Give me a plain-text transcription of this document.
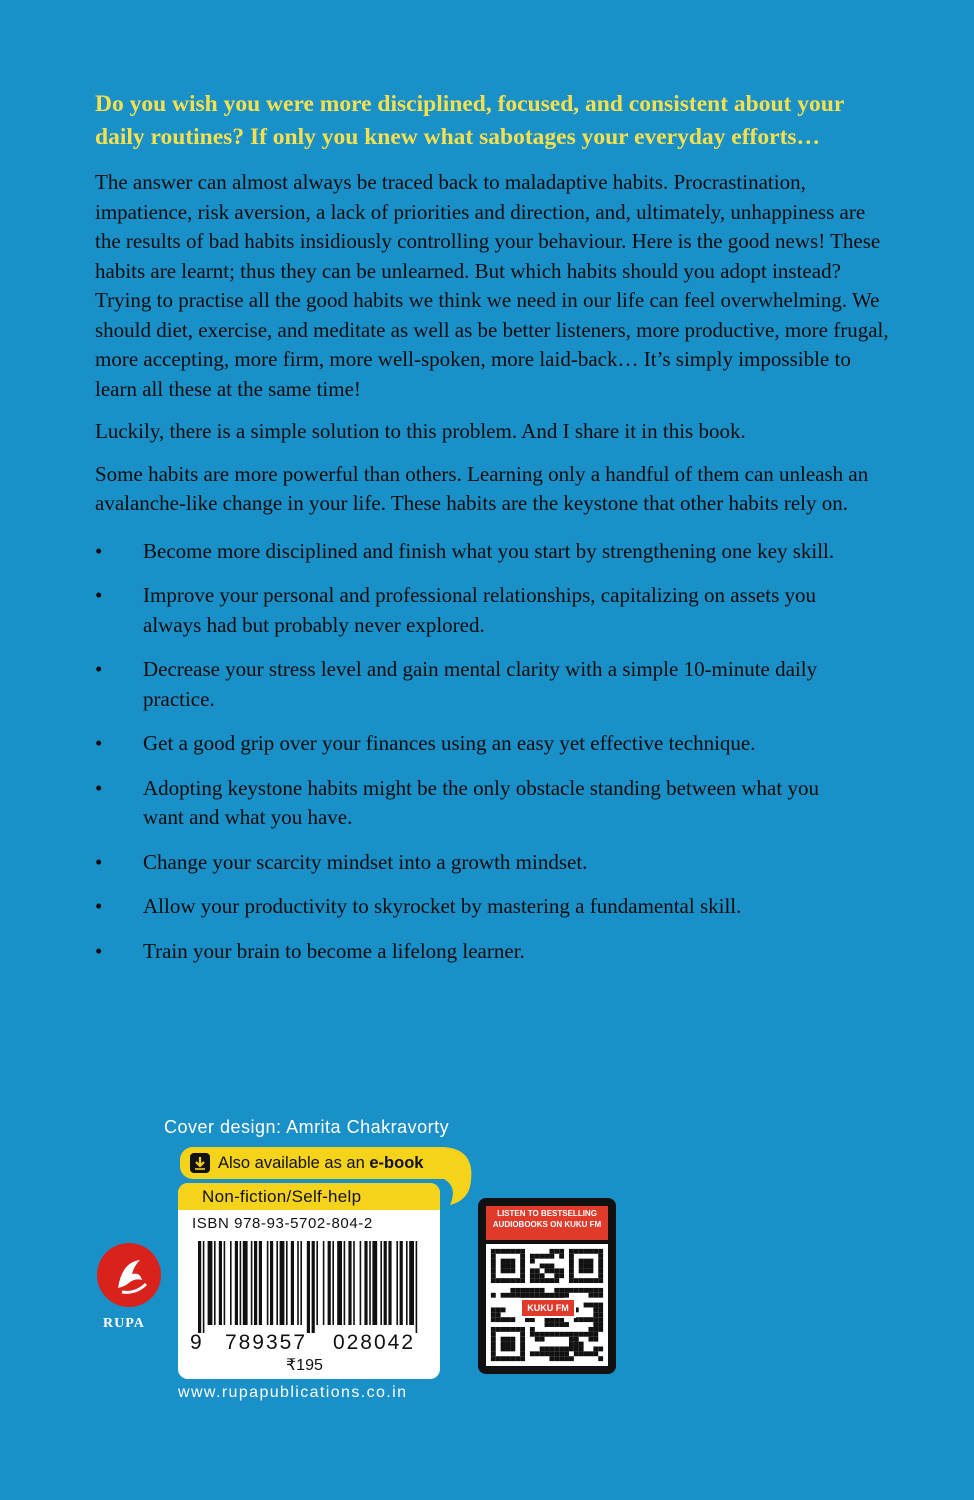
Do you wish you were more disciplined, focused, and consistent about your daily routines? If only you knew what sabotages your everyday efforts…

The answer can almost always be traced back to maladaptive habits. Procrastination, impatience, risk aversion, a lack of priorities and direction, and, ultimately, unhappiness are the results of bad habits insidiously controlling your behaviour. Here is the good news! These habits are learnt; thus they can be unlearned. But which habits should you adopt instead? Trying to practise all the good habits we think we need in our life can feel overwhelming. We should diet, exercise, and meditate as well as be better listeners, more productive, more frugal, more accepting, more firm, more well-spoken, more laid-back… It’s simply impossible to learn all these at the same time!

Luckily, there is a simple solution to this problem. And I share it in this book.

Some habits are more powerful than others. Learning only a handful of them can unleash an avalanche-like change in your life. These habits are the keystone that other habits rely on.

• Become more disciplined and finish what you start by strengthening one key skill.
• Improve your personal and professional relationships, capitalizing on assets you always had but probably never explored.
• Decrease your stress level and gain mental clarity with a simple 10-minute daily practice.
• Get a good grip over your finances using an easy yet effective technique.
• Adopting keystone habits might be the only obstacle standing between what you want and what you have.
• Change your scarcity mindset into a growth mindset.
• Allow your productivity to skyrocket by mastering a fundamental skill.
• Train your brain to become a lifelong learner.
Cover design: Amrita Chakravorty
Also available as an e-book
Non-fiction/Self-help
ISBN 978-93-5702-804-2
9	789357	028042
₹195
www.rupapublications.co.in
RUPA
LISTEN TO BESTSELLING AUDIOBOOKS ON KUKU FM
KUKU FM
